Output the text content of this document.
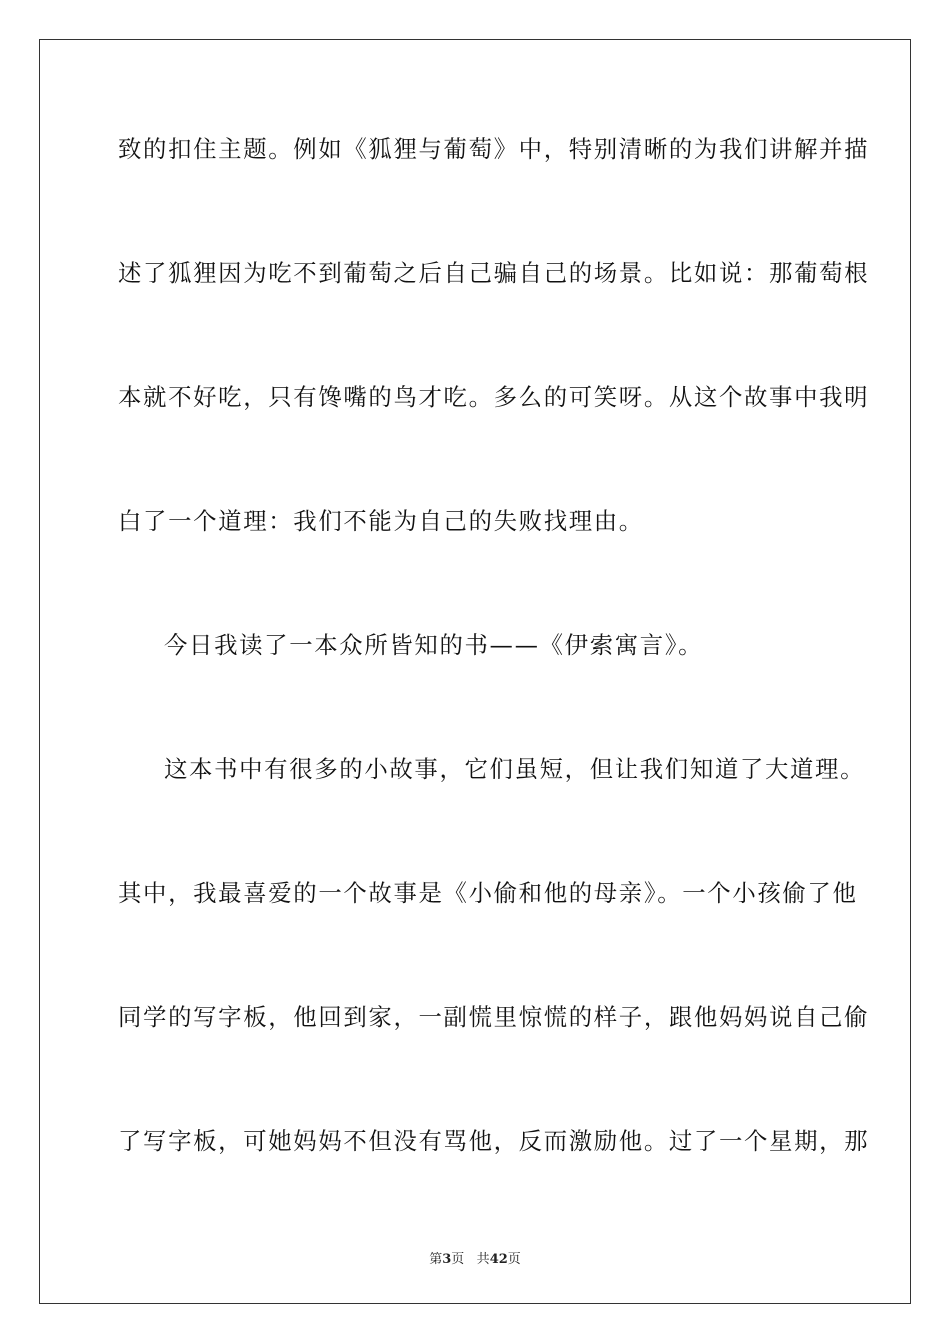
致的扣住主题。例如《狐狸与葡萄》中，特别清晰的为我们讲解并描
述了狐狸因为吃不到葡萄之后自己骗自己的场景。比如说：那葡萄根
本就不好吃，只有馋嘴的鸟才吃。多么的可笑呀。从这个故事中我明
白了一个道理：我们不能为自己的失败找理由。
今日我读了一本众所皆知的书——《伊索寓言》。
这本书中有很多的小故事，它们虽短，但让我们知道了大道理。
其中，我最喜爱的一个故事是《小偷和他的母亲》。一个小孩偷了他
同学的写字板，他回到家，一副慌里惊慌的样子，跟他妈妈说自己偷
了写字板，可她妈妈不但没有骂他，反而激励他。过了一个星期，那
第3页 共42页
